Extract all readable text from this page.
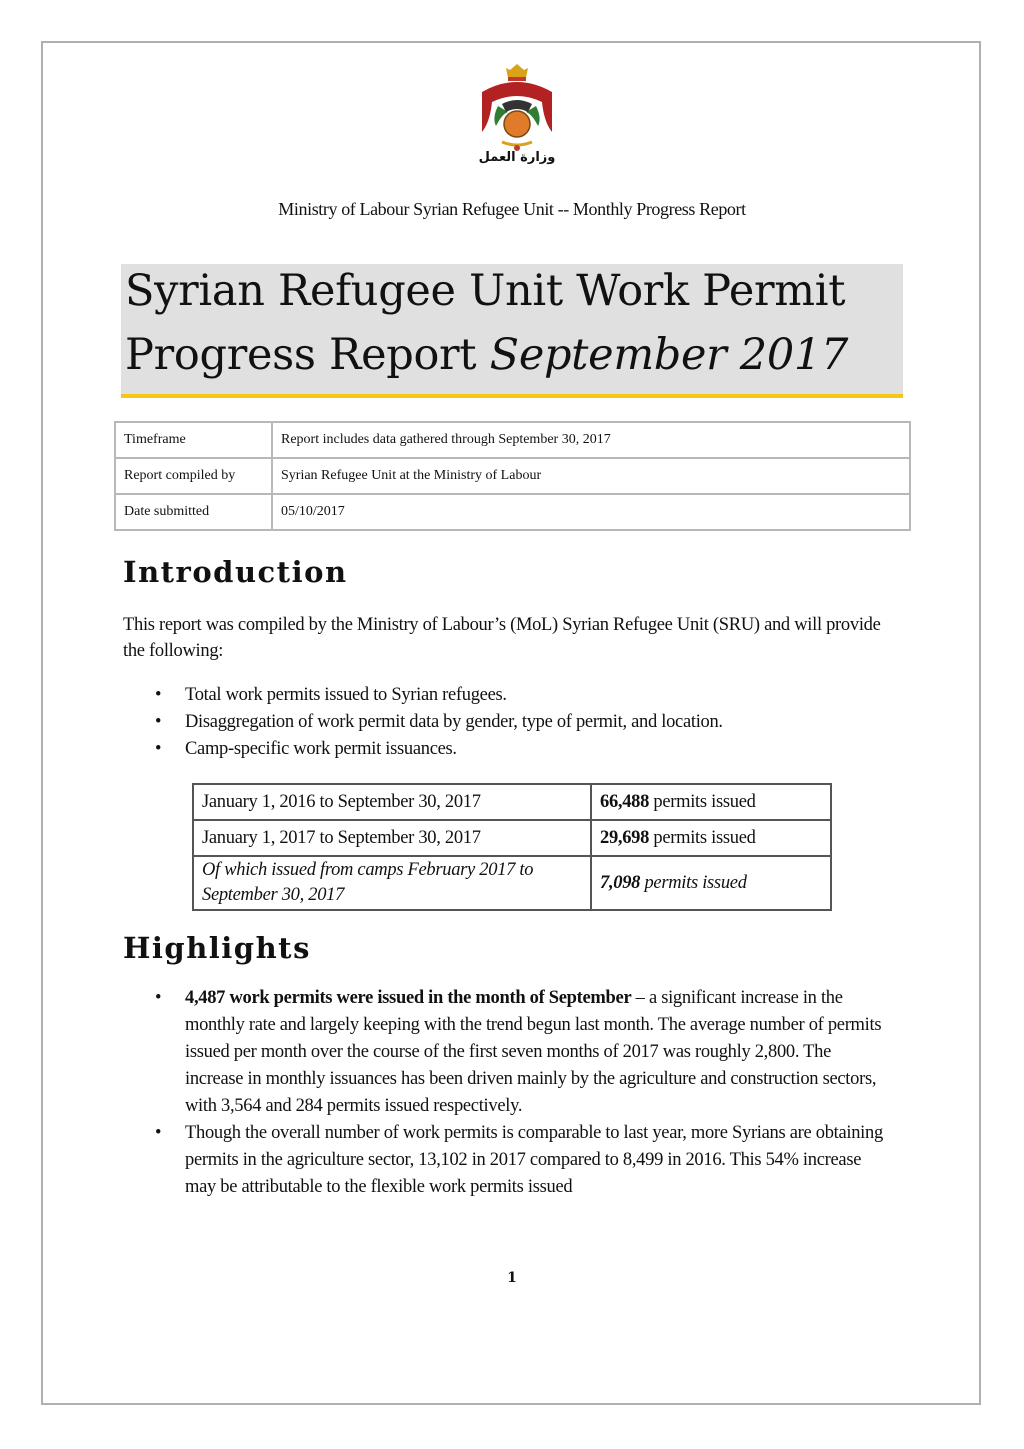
وزارة العمل
Ministry of Labour Syrian Refugee Unit -- Monthly Progress Report
Syrian Refugee Unit Work Permit
Progress Report September 2017
Timeframe	Report includes data gathered through September 30, 2017
Report compiled by	Syrian Refugee Unit at the Ministry of Labour
Date submitted	05/10/2017
Introduction
This report was compiled by the Ministry of Labour’s (MoL) Syrian Refugee Unit (SRU) and will provide the following:
• Total work permits issued to Syrian refugees.
• Disaggregation of work permit data by gender, type of permit, and location.
• Camp-specific work permit issuances.
January 1, 2016 to September 30, 2017	66,488 permits issued
January 1, 2017 to September 30, 2017	29,698 permits issued
Of which issued from camps February 2017 to September 30, 2017	7,098 permits issued
Highlights
• 4,487 work permits were issued in the month of September – a significant increase in the monthly rate and largely keeping with the trend begun last month. The average number of permits issued per month over the course of the first seven months of 2017 was roughly 2,800. The increase in monthly issuances has been driven mainly by the agriculture and construction sectors, with 3,564 and 284 permits issued respectively.
• Though the overall number of work permits is comparable to last year, more Syrians are obtaining permits in the agriculture sector, 13,102 in 2017 compared to 8,499 in 2016. This 54% increase may be attributable to the flexible work permits issued
1
